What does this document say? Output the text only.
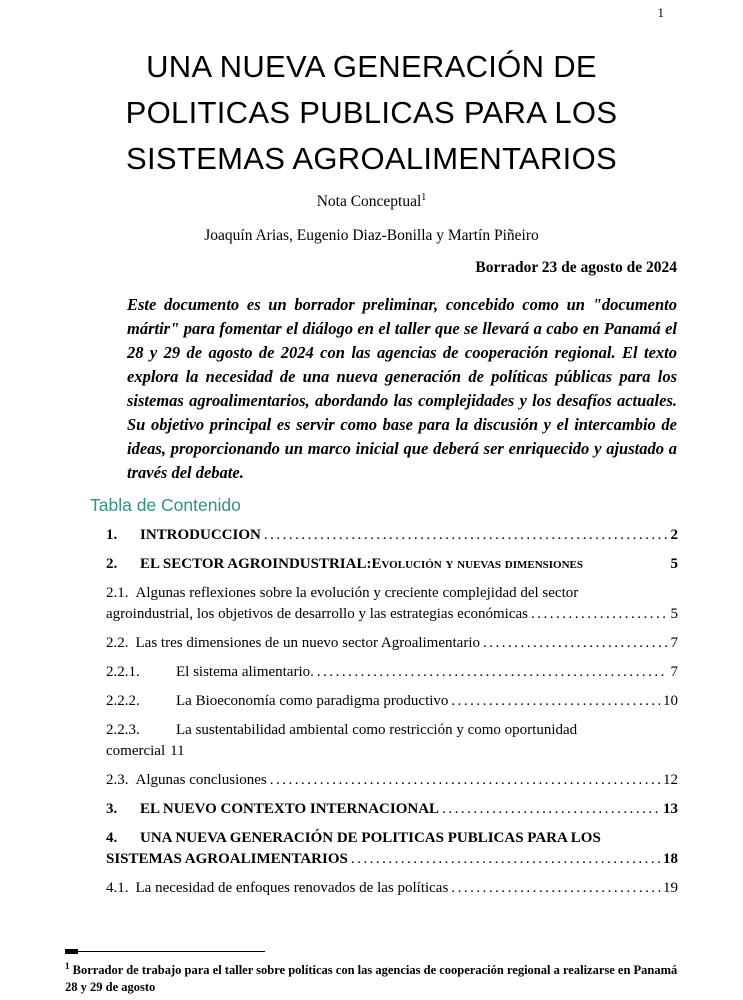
1
UNA NUEVA GENERACIÓN DE
POLITICAS PUBLICAS PARA LOS
SISTEMAS AGROALIMENTARIOS
Nota Conceptual$^1$
Joaquín Arias, Eugenio Diaz-Bonilla y Martín Piñeiro
Borrador 23 de agosto de 2024

Este documento es un borrador preliminar, concebido como un "documento mártir" para fomentar el diálogo en el taller que se llevará a cabo en Panamá el 28 y 29 de agosto de 2024 con las agencias de cooperación regional. El texto explora la necesidad de una nueva generación de políticas públicas para los sistemas agroalimentarios, abordando las complejidades y los desafíos actuales. Su objetivo principal es servir como base para la discusión y el intercambio de ideas, proporcionando un marco inicial que deberá ser enriquecido y ajustado a través del debate.

Tabla de Contenido
1.	INTRODUCCION .....	2
2.	EL SECTOR AGROINDUSTRIAL: Evolución y nuevas dimensiones	5
2.1. Algunas reflexiones sobre la evolución y creciente complejidad del sector
agroindustrial, los objetivos de desarrollo y las estrategias económicas .....	5
2.2. Las tres dimensiones de un nuevo sector Agroalimentario .....	7
2.2.1.	El sistema alimentario. .....	7
2.2.2.	La Bioeconomía como paradigma productivo .....	10
2.2.3.	La sustentabilidad ambiental como restricción y como oportunidad
comercial 11
2.3. Algunas conclusiones .....	12
3.	EL NUEVO CONTEXTO INTERNACIONAL .....	13
4.	UNA NUEVA GENERACIÓN DE POLITICAS PUBLICAS PARA LOS
SISTEMAS AGROALIMENTARIOS .....	18
4.1. La necesidad de enfoques renovados de las políticas .....	19

$^1$ Borrador de trabajo para el taller sobre políticas con las agencias de cooperación regional a realizarse en Panamá 28 y 29 de agosto
